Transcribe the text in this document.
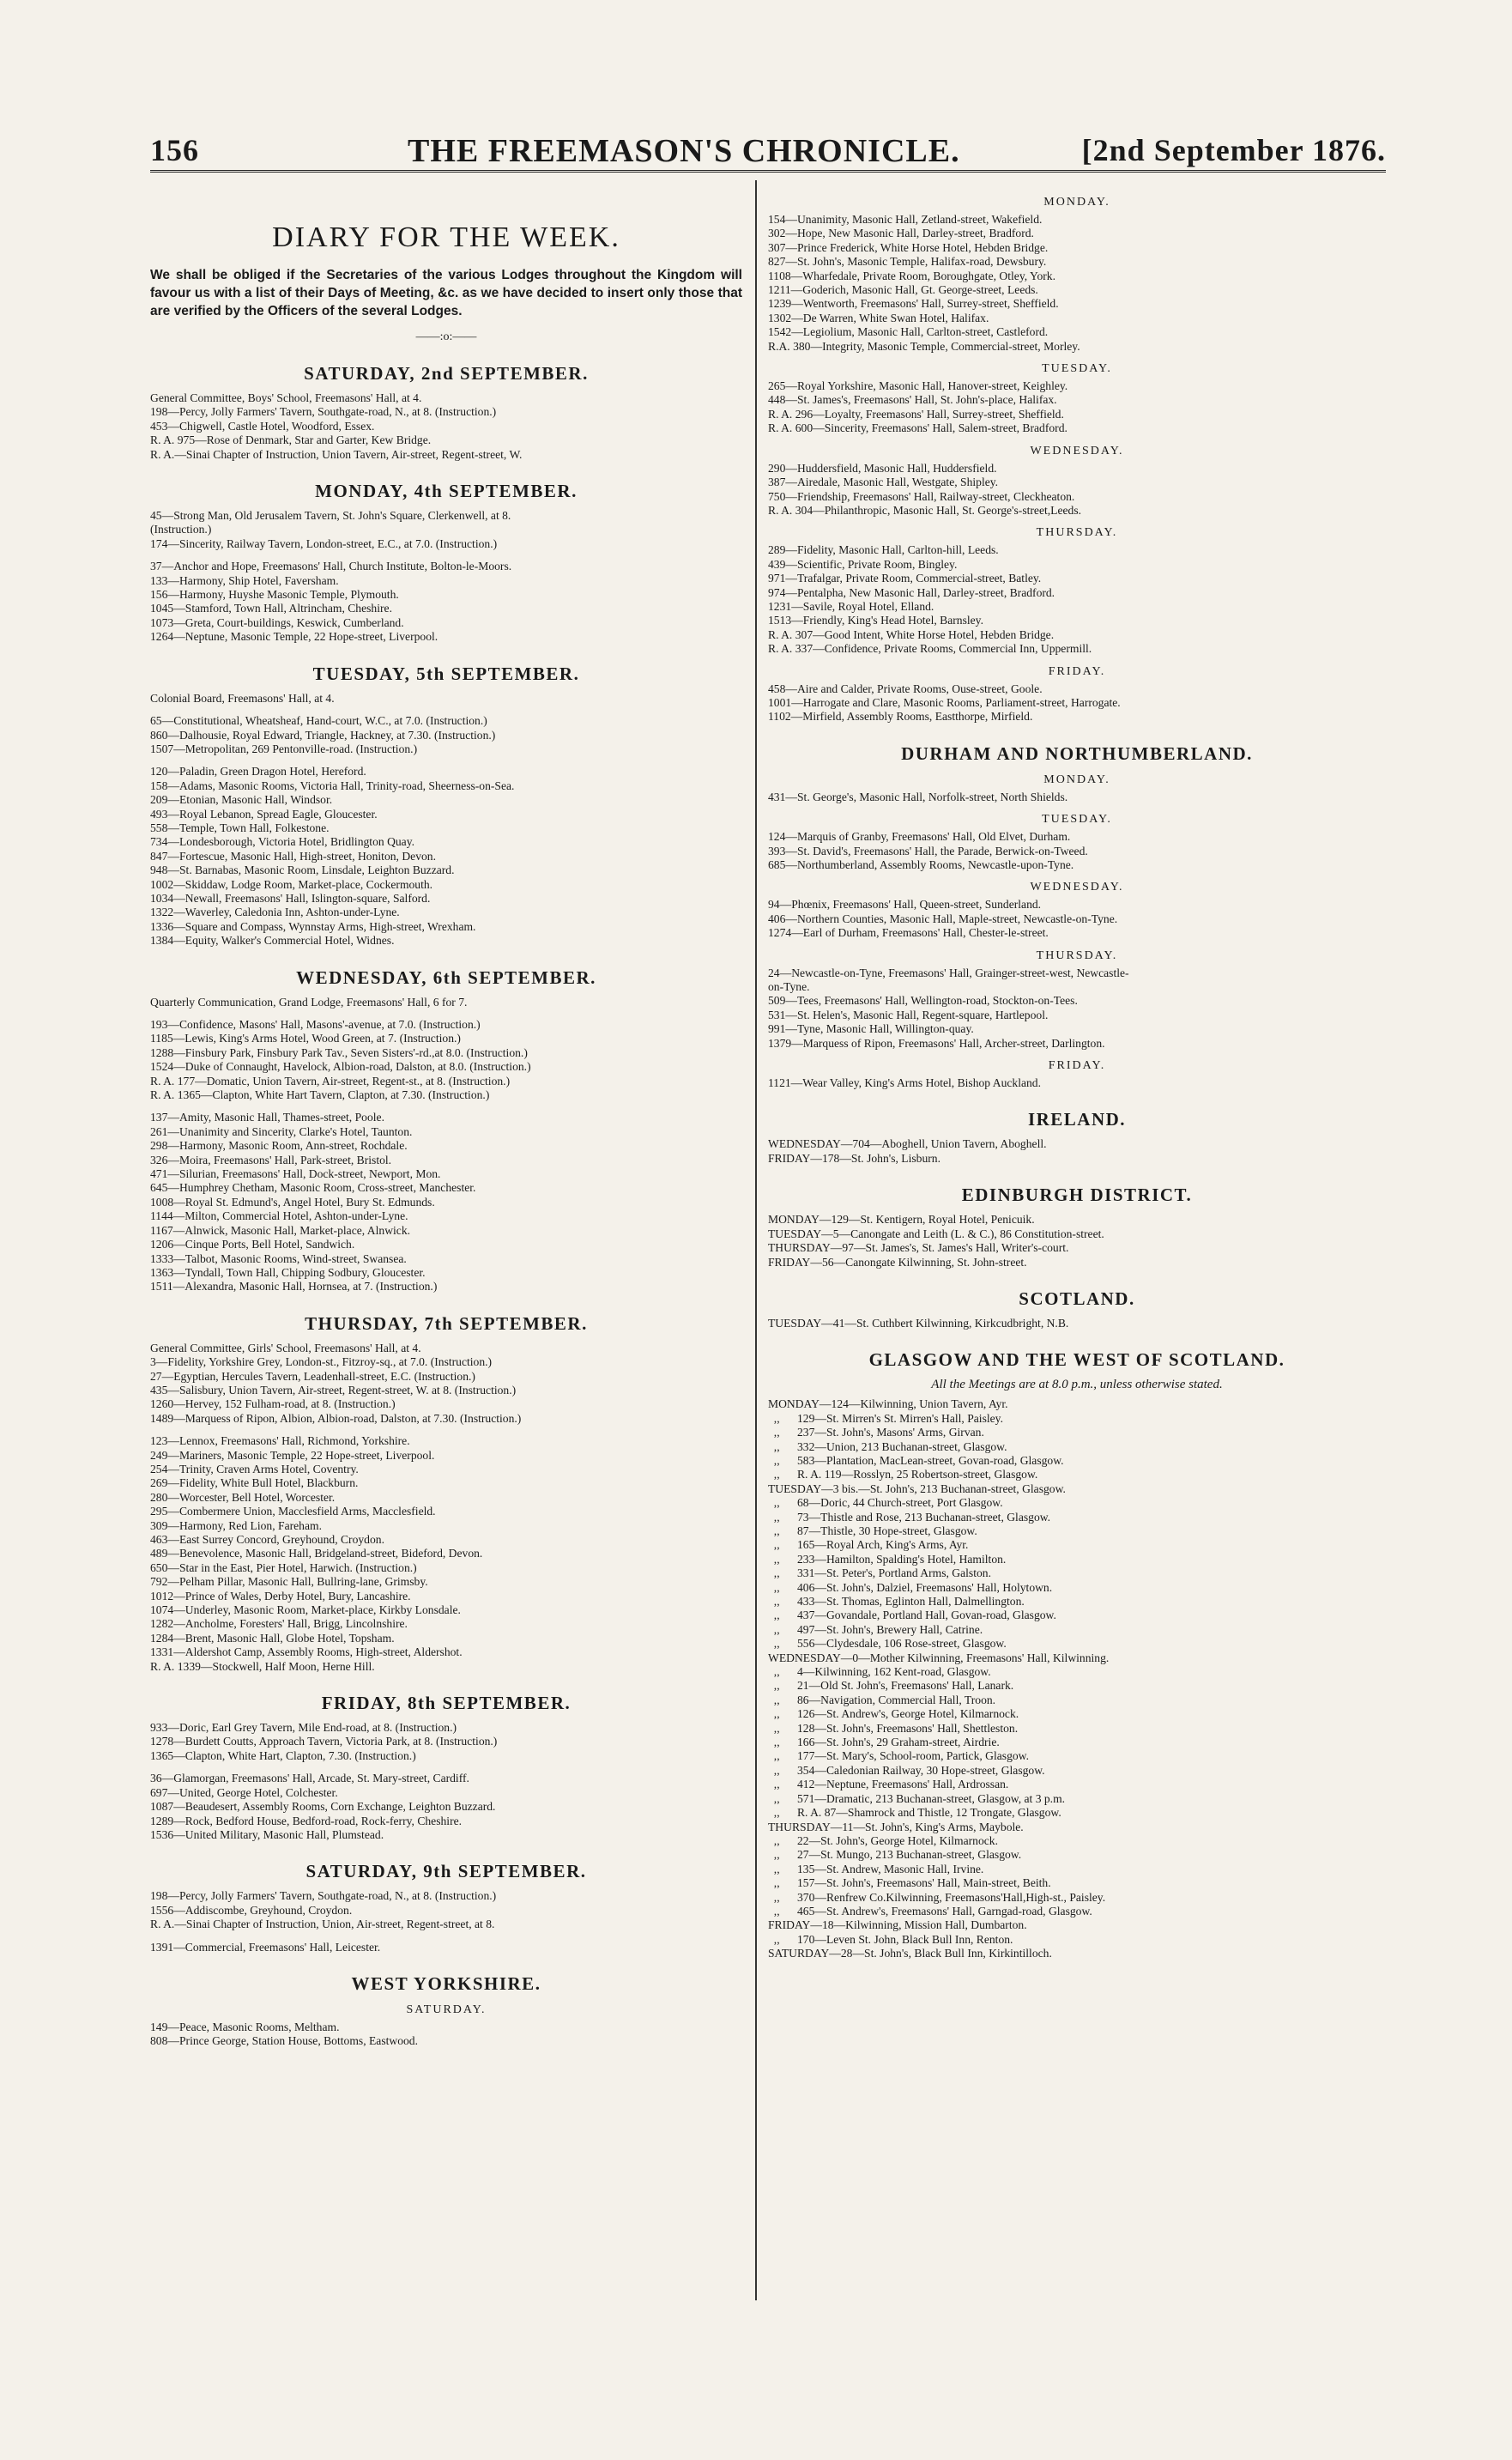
156	THE FREEMASON'S CHRONICLE.	[2nd September 1876.
DIARY FOR THE WEEK.
We shall be obliged if the Secretaries of the various Lodges throughout the Kingdom will favour us with a list of their Days of Meeting, &c. as we have decided to insert only those that are verified by the Officers of the several Lodges.
——:o:——
SATURDAY, 2nd SEPTEMBER.
General Committee, Boys' School, Freemasons' Hall, at 4.
198—Percy, Jolly Farmers' Tavern, Southgate-road, N., at 8. (Instruction.)
453—Chigwell, Castle Hotel, Woodford, Essex.
R. A. 975—Rose of Denmark, Star and Garter, Kew Bridge.
R. A.—Sinai Chapter of Instruction, Union Tavern, Air-street, Regent-street, W.
MONDAY, 4th SEPTEMBER.
45—Strong Man, Old Jerusalem Tavern, St. John's Square, Clerkenwell, at 8.
(Instruction.)
174—Sincerity, Railway Tavern, London-street, E.C., at 7.0. (Instruction.)
37—Anchor and Hope, Freemasons' Hall, Church Institute, Bolton-le-Moors.
133—Harmony, Ship Hotel, Faversham.
156—Harmony, Huyshe Masonic Temple, Plymouth.
1045—Stamford, Town Hall, Altrincham, Cheshire.
1073—Greta, Court-buildings, Keswick, Cumberland.
1264—Neptune, Masonic Temple, 22 Hope-street, Liverpool.
TUESDAY, 5th SEPTEMBER.
Colonial Board, Freemasons' Hall, at 4.
65—Constitutional, Wheatsheaf, Hand-court, W.C., at 7.0. (Instruction.)
860—Dalhousie, Royal Edward, Triangle, Hackney, at 7.30. (Instruction.)
1507—Metropolitan, 269 Pentonville-road. (Instruction.)
120—Paladin, Green Dragon Hotel, Hereford.
158—Adams, Masonic Rooms, Victoria Hall, Trinity-road, Sheerness-on-Sea.
209—Etonian, Masonic Hall, Windsor.
493—Royal Lebanon, Spread Eagle, Gloucester.
558—Temple, Town Hall, Folkestone.
734—Londesborough, Victoria Hotel, Bridlington Quay.
847—Fortescue, Masonic Hall, High-street, Honiton, Devon.
948—St. Barnabas, Masonic Room, Linsdale, Leighton Buzzard.
1002—Skiddaw, Lodge Room, Market-place, Cockermouth.
1034—Newall, Freemasons' Hall, Islington-square, Salford.
1322—Waverley, Caledonia Inn, Ashton-under-Lyne.
1336—Square and Compass, Wynnstay Arms, High-street, Wrexham.
1384—Equity, Walker's Commercial Hotel, Widnes.
WEDNESDAY, 6th SEPTEMBER.
Quarterly Communication, Grand Lodge, Freemasons' Hall, 6 for 7.
193—Confidence, Masons' Hall, Masons'-avenue, at 7.0. (Instruction.)
1185—Lewis, King's Arms Hotel, Wood Green, at 7. (Instruction.)
1288—Finsbury Park, Finsbury Park Tav., Seven Sisters'-rd.,at 8.0. (Instruction.)
1524—Duke of Connaught, Havelock, Albion-road, Dalston, at 8.0. (Instruction.)
R. A. 177—Domatic, Union Tavern, Air-street, Regent-st., at 8. (Instruction.)
R. A. 1365—Clapton, White Hart Tavern, Clapton, at 7.30. (Instruction.)
137—Amity, Masonic Hall, Thames-street, Poole.
261—Unanimity and Sincerity, Clarke's Hotel, Taunton.
298—Harmony, Masonic Room, Ann-street, Rochdale.
326—Moira, Freemasons' Hall, Park-street, Bristol.
471—Silurian, Freemasons' Hall, Dock-street, Newport, Mon.
645—Humphrey Chetham, Masonic Room, Cross-street, Manchester.
1008—Royal St. Edmund's, Angel Hotel, Bury St. Edmunds.
1144—Milton, Commercial Hotel, Ashton-under-Lyne.
1167—Alnwick, Masonic Hall, Market-place, Alnwick.
1206—Cinque Ports, Bell Hotel, Sandwich.
1333—Talbot, Masonic Rooms, Wind-street, Swansea.
1363—Tyndall, Town Hall, Chipping Sodbury, Gloucester.
1511—Alexandra, Masonic Hall, Hornsea, at 7. (Instruction.)
THURSDAY, 7th SEPTEMBER.
General Committee, Girls' School, Freemasons' Hall, at 4.
3—Fidelity, Yorkshire Grey, London-st., Fitzroy-sq., at 7.0. (Instruction.)
27—Egyptian, Hercules Tavern, Leadenhall-street, E.C. (Instruction.)
435—Salisbury, Union Tavern, Air-street, Regent-street, W. at 8. (Instruction.)
1260—Hervey, 152 Fulham-road, at 8. (Instruction.)
1489—Marquess of Ripon, Albion, Albion-road, Dalston, at 7.30. (Instruction.)
123—Lennox, Freemasons' Hall, Richmond, Yorkshire.
249—Mariners, Masonic Temple, 22 Hope-street, Liverpool.
254—Trinity, Craven Arms Hotel, Coventry.
269—Fidelity, White Bull Hotel, Blackburn.
280—Worcester, Bell Hotel, Worcester.
295—Combermere Union, Macclesfield Arms, Macclesfield.
309—Harmony, Red Lion, Fareham.
463—East Surrey Concord, Greyhound, Croydon.
489—Benevolence, Masonic Hall, Bridgeland-street, Bideford, Devon.
650—Star in the East, Pier Hotel, Harwich. (Instruction.)
792—Pelham Pillar, Masonic Hall, Bullring-lane, Grimsby.
1012—Prince of Wales, Derby Hotel, Bury, Lancashire.
1074—Underley, Masonic Room, Market-place, Kirkby Lonsdale.
1282—Ancholme, Foresters' Hall, Brigg, Lincolnshire.
1284—Brent, Masonic Hall, Globe Hotel, Topsham.
1331—Aldershot Camp, Assembly Rooms, High-street, Aldershot.
R. A. 1339—Stockwell, Half Moon, Herne Hill.
FRIDAY, 8th SEPTEMBER.
933—Doric, Earl Grey Tavern, Mile End-road, at 8. (Instruction.)
1278—Burdett Coutts, Approach Tavern, Victoria Park, at 8. (Instruction.)
1365—Clapton, White Hart, Clapton, 7.30. (Instruction.)
36—Glamorgan, Freemasons' Hall, Arcade, St. Mary-street, Cardiff.
697—United, George Hotel, Colchester.
1087—Beaudesert, Assembly Rooms, Corn Exchange, Leighton Buzzard.
1289—Rock, Bedford House, Bedford-road, Rock-ferry, Cheshire.
1536—United Military, Masonic Hall, Plumstead.
SATURDAY, 9th SEPTEMBER.
198—Percy, Jolly Farmers' Tavern, Southgate-road, N., at 8. (Instruction.)
1556—Addiscombe, Greyhound, Croydon.
R. A.—Sinai Chapter of Instruction, Union, Air-street, Regent-street, at 8.
1391—Commercial, Freemasons' Hall, Leicester.
WEST YORKSHIRE.
SATURDAY.
149—Peace, Masonic Rooms, Meltham.
808—Prince George, Station House, Bottoms, Eastwood.
MONDAY.
154—Unanimity, Masonic Hall, Zetland-street, Wakefield.
302—Hope, New Masonic Hall, Darley-street, Bradford.
307—Prince Frederick, White Horse Hotel, Hebden Bridge.
827—St. John's, Masonic Temple, Halifax-road, Dewsbury.
1108—Wharfedale, Private Room, Boroughgate, Otley, York.
1211—Goderich, Masonic Hall, Gt. George-street, Leeds.
1239—Wentworth, Freemasons' Hall, Surrey-street, Sheffield.
1302—De Warren, White Swan Hotel, Halifax.
1542—Legiolium, Masonic Hall, Carlton-street, Castleford.
R.A. 380—Integrity, Masonic Temple, Commercial-street, Morley.
TUESDAY.
265—Royal Yorkshire, Masonic Hall, Hanover-street, Keighley.
448—St. James's, Freemasons' Hall, St. John's-place, Halifax.
R. A. 296—Loyalty, Freemasons' Hall, Surrey-street, Sheffield.
R. A. 600—Sincerity, Freemasons' Hall, Salem-street, Bradford.
WEDNESDAY.
290—Huddersfield, Masonic Hall, Huddersfield.
387—Airedale, Masonic Hall, Westgate, Shipley.
750—Friendship, Freemasons' Hall, Railway-street, Cleckheaton.
R. A. 304—Philanthropic, Masonic Hall, St. George's-street,Leeds.
THURSDAY.
289—Fidelity, Masonic Hall, Carlton-hill, Leeds.
439—Scientific, Private Room, Bingley.
971—Trafalgar, Private Room, Commercial-street, Batley.
974—Pentalpha, New Masonic Hall, Darley-street, Bradford.
1231—Savile, Royal Hotel, Elland.
1513—Friendly, King's Head Hotel, Barnsley.
R. A. 307—Good Intent, White Horse Hotel, Hebden Bridge.
R. A. 337—Confidence, Private Rooms, Commercial Inn, Uppermill.
FRIDAY.
458—Aire and Calder, Private Rooms, Ouse-street, Goole.
1001—Harrogate and Clare, Masonic Rooms, Parliament-street, Harrogate.
1102—Mirfield, Assembly Rooms, Eastthorpe, Mirfield.
DURHAM AND NORTHUMBERLAND.
MONDAY.
431—St. George's, Masonic Hall, Norfolk-street, North Shields.
TUESDAY.
124—Marquis of Granby, Freemasons' Hall, Old Elvet, Durham.
393—St. David's, Freemasons' Hall, the Parade, Berwick-on-Tweed.
685—Northumberland, Assembly Rooms, Newcastle-upon-Tyne.
WEDNESDAY.
94—Phœnix, Freemasons' Hall, Queen-street, Sunderland.
406—Northern Counties, Masonic Hall, Maple-street, Newcastle-on-Tyne.
1274—Earl of Durham, Freemasons' Hall, Chester-le-street.
THURSDAY.
24—Newcastle-on-Tyne, Freemasons' Hall, Grainger-street-west, Newcastle-
on-Tyne.
509—Tees, Freemasons' Hall, Wellington-road, Stockton-on-Tees.
531—St. Helen's, Masonic Hall, Regent-square, Hartlepool.
991—Tyne, Masonic Hall, Willington-quay.
1379—Marquess of Ripon, Freemasons' Hall, Archer-street, Darlington.
FRIDAY.
1121—Wear Valley, King's Arms Hotel, Bishop Auckland.
IRELAND.
WEDNESDAY—704—Aboghell, Union Tavern, Aboghell.
FRIDAY—178—St. John's, Lisburn.
EDINBURGH DISTRICT.
MONDAY—129—St. Kentigern, Royal Hotel, Penicuik.
TUESDAY—5—Canongate and Leith (L. & C.), 86 Constitution-street.
THURSDAY—97—St. James's, St. James's Hall, Writer's-court.
FRIDAY—56—Canongate Kilwinning, St. John-street.
SCOTLAND.
TUESDAY—41—St. Cuthbert Kilwinning, Kirkcudbright, N.B.
GLASGOW AND THE WEST OF SCOTLAND.
All the Meetings are at 8.0 p.m., unless otherwise stated.
MONDAY—124—Kilwinning, Union Tavern, Ayr.
,,      129—St. Mirren's St. Mirren's Hall, Paisley.
,,      237—St. John's, Masons' Arms, Girvan.
,,      332—Union, 213 Buchanan-street, Glasgow.
,,      583—Plantation, MacLean-street, Govan-road, Glasgow.
,,      R. A. 119—Rosslyn, 25 Robertson-street, Glasgow.
TUESDAY—3 bis.—St. John's, 213 Buchanan-street, Glasgow.
,,      68—Doric, 44 Church-street, Port Glasgow.
,,      73—Thistle and Rose, 213 Buchanan-street, Glasgow.
,,      87—Thistle, 30 Hope-street, Glasgow.
,,      165—Royal Arch, King's Arms, Ayr.
,,      233—Hamilton, Spalding's Hotel, Hamilton.
,,      331—St. Peter's, Portland Arms, Galston.
,,      406—St. John's, Dalziel, Freemasons' Hall, Holytown.
,,      433—St. Thomas, Eglinton Hall, Dalmellington.
,,      437—Govandale, Portland Hall, Govan-road, Glasgow.
,,      497—St. John's, Brewery Hall, Catrine.
,,      556—Clydesdale, 106 Rose-street, Glasgow.
WEDNESDAY—0—Mother Kilwinning, Freemasons' Hall, Kilwinning.
,,      4—Kilwinning, 162 Kent-road, Glasgow.
,,      21—Old St. John's, Freemasons' Hall, Lanark.
,,      86—Navigation, Commercial Hall, Troon.
,,      126—St. Andrew's, George Hotel, Kilmarnock.
,,      128—St. John's, Freemasons' Hall, Shettleston.
,,      166—St. John's, 29 Graham-street, Airdrie.
,,      177—St. Mary's, School-room, Partick, Glasgow.
,,      354—Caledonian Railway, 30 Hope-street, Glasgow.
,,      412—Neptune, Freemasons' Hall, Ardrossan.
,,      571—Dramatic, 213 Buchanan-street, Glasgow, at 3 p.m.
,,      R. A. 87—Shamrock and Thistle, 12 Trongate, Glasgow.
THURSDAY—11—St. John's, King's Arms, Maybole.
,,      22—St. John's, George Hotel, Kilmarnock.
,,      27—St. Mungo, 213 Buchanan-street, Glasgow.
,,      135—St. Andrew, Masonic Hall, Irvine.
,,      157—St. John's, Freemasons' Hall, Main-street, Beith.
,,      370—Renfrew Co.Kilwinning, Freemasons'Hall,High-st., Paisley.
,,      465—St. Andrew's, Freemasons' Hall, Garngad-road, Glasgow.
FRIDAY—18—Kilwinning, Mission Hall, Dumbarton.
,,      170—Leven St. John, Black Bull Inn, Renton.
SATURDAY—28—St. John's, Black Bull Inn, Kirkintilloch.
